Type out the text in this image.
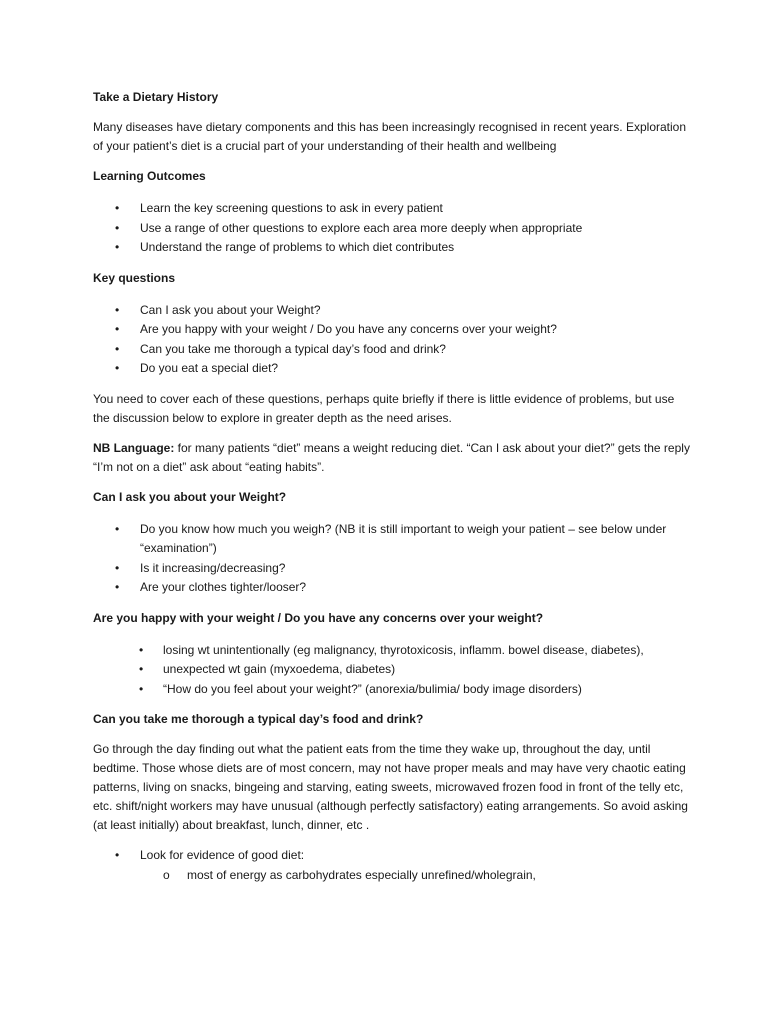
Take a Dietary History

Many diseases have dietary components and this has been increasingly recognised in recent years. Exploration of your patient’s diet is a crucial part of your understanding of their health and wellbeing

Learning Outcomes

• Learn the key screening questions to ask in every patient
• Use a range of other questions to explore each area more deeply when appropriate
• Understand the range of problems to which diet contributes

Key questions

• Can I ask you about your Weight?
• Are you happy with your weight / Do you have any concerns over your weight?
• Can you take me thorough a typical day’s food and drink?
• Do you eat a special diet?

You need to cover each of these questions, perhaps quite briefly if there is little evidence of problems, but use the discussion below to explore in greater depth as the need arises.

NB Language: for many patients “diet” means a weight reducing diet. “Can I ask about your diet?” gets the reply “I’m not on a diet” ask about “eating habits”.

Can I ask you about your Weight?

• Do you know how much you weigh? (NB it is still important to weigh your patient – see below under “examination”)
• Is it increasing/decreasing?
• Are your clothes tighter/looser?

Are you happy with your weight / Do you have any concerns over your weight?

• losing wt unintentionally (eg malignancy, thyrotoxicosis, inflamm. bowel disease, diabetes),
• unexpected wt gain (myxoedema, diabetes)
• “How do you feel about your weight?” (anorexia/bulimia/ body image disorders)

Can you take me thorough a typical day’s food and drink?

Go through the day finding out what the patient eats from the time they wake up, throughout the day, until bedtime. Those whose diets are of most concern, may not have proper meals and may have very chaotic eating patterns, living on snacks, bingeing and starving, eating sweets, microwaved frozen food in front of the telly etc, etc. shift/night workers may have unusual (although perfectly satisfactory) eating arrangements. So avoid asking (at least initially) about breakfast, lunch, dinner, etc .

• Look for evidence of good diet:
o most of energy as carbohydrates especially unrefined/wholegrain,
